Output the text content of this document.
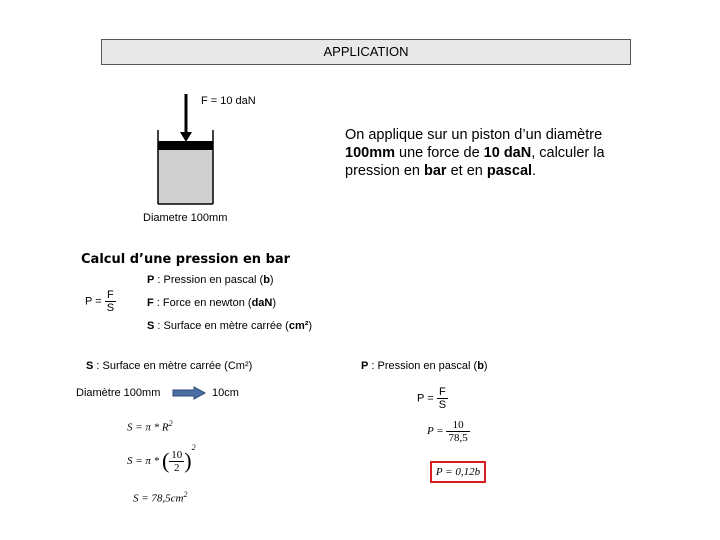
APPLICATION
F = 10 daN
Diametre 100mm
On applique sur un piston d’un diamètre 100mm une force de 10 daN, calculer la pression en bar et en pascal.
Calcul d’une pression en bar
$P = \frac{F}{S}$
P : Pression en pascal (b)
F : Force en newton (daN)
S : Surface en mètre carrée (cm²)
S : Surface en mètre carrée (Cm²)
Diamètre 100mm	10cm
$S = \pi * R^2$
S = π * ( $\frac{10}{2} )^2$
$S = 78,5cm^2$
P : Pression en pascal (b)
$P = \frac{F}{S}$
$P = \frac{10}{78,5}$
P = 0,12b
